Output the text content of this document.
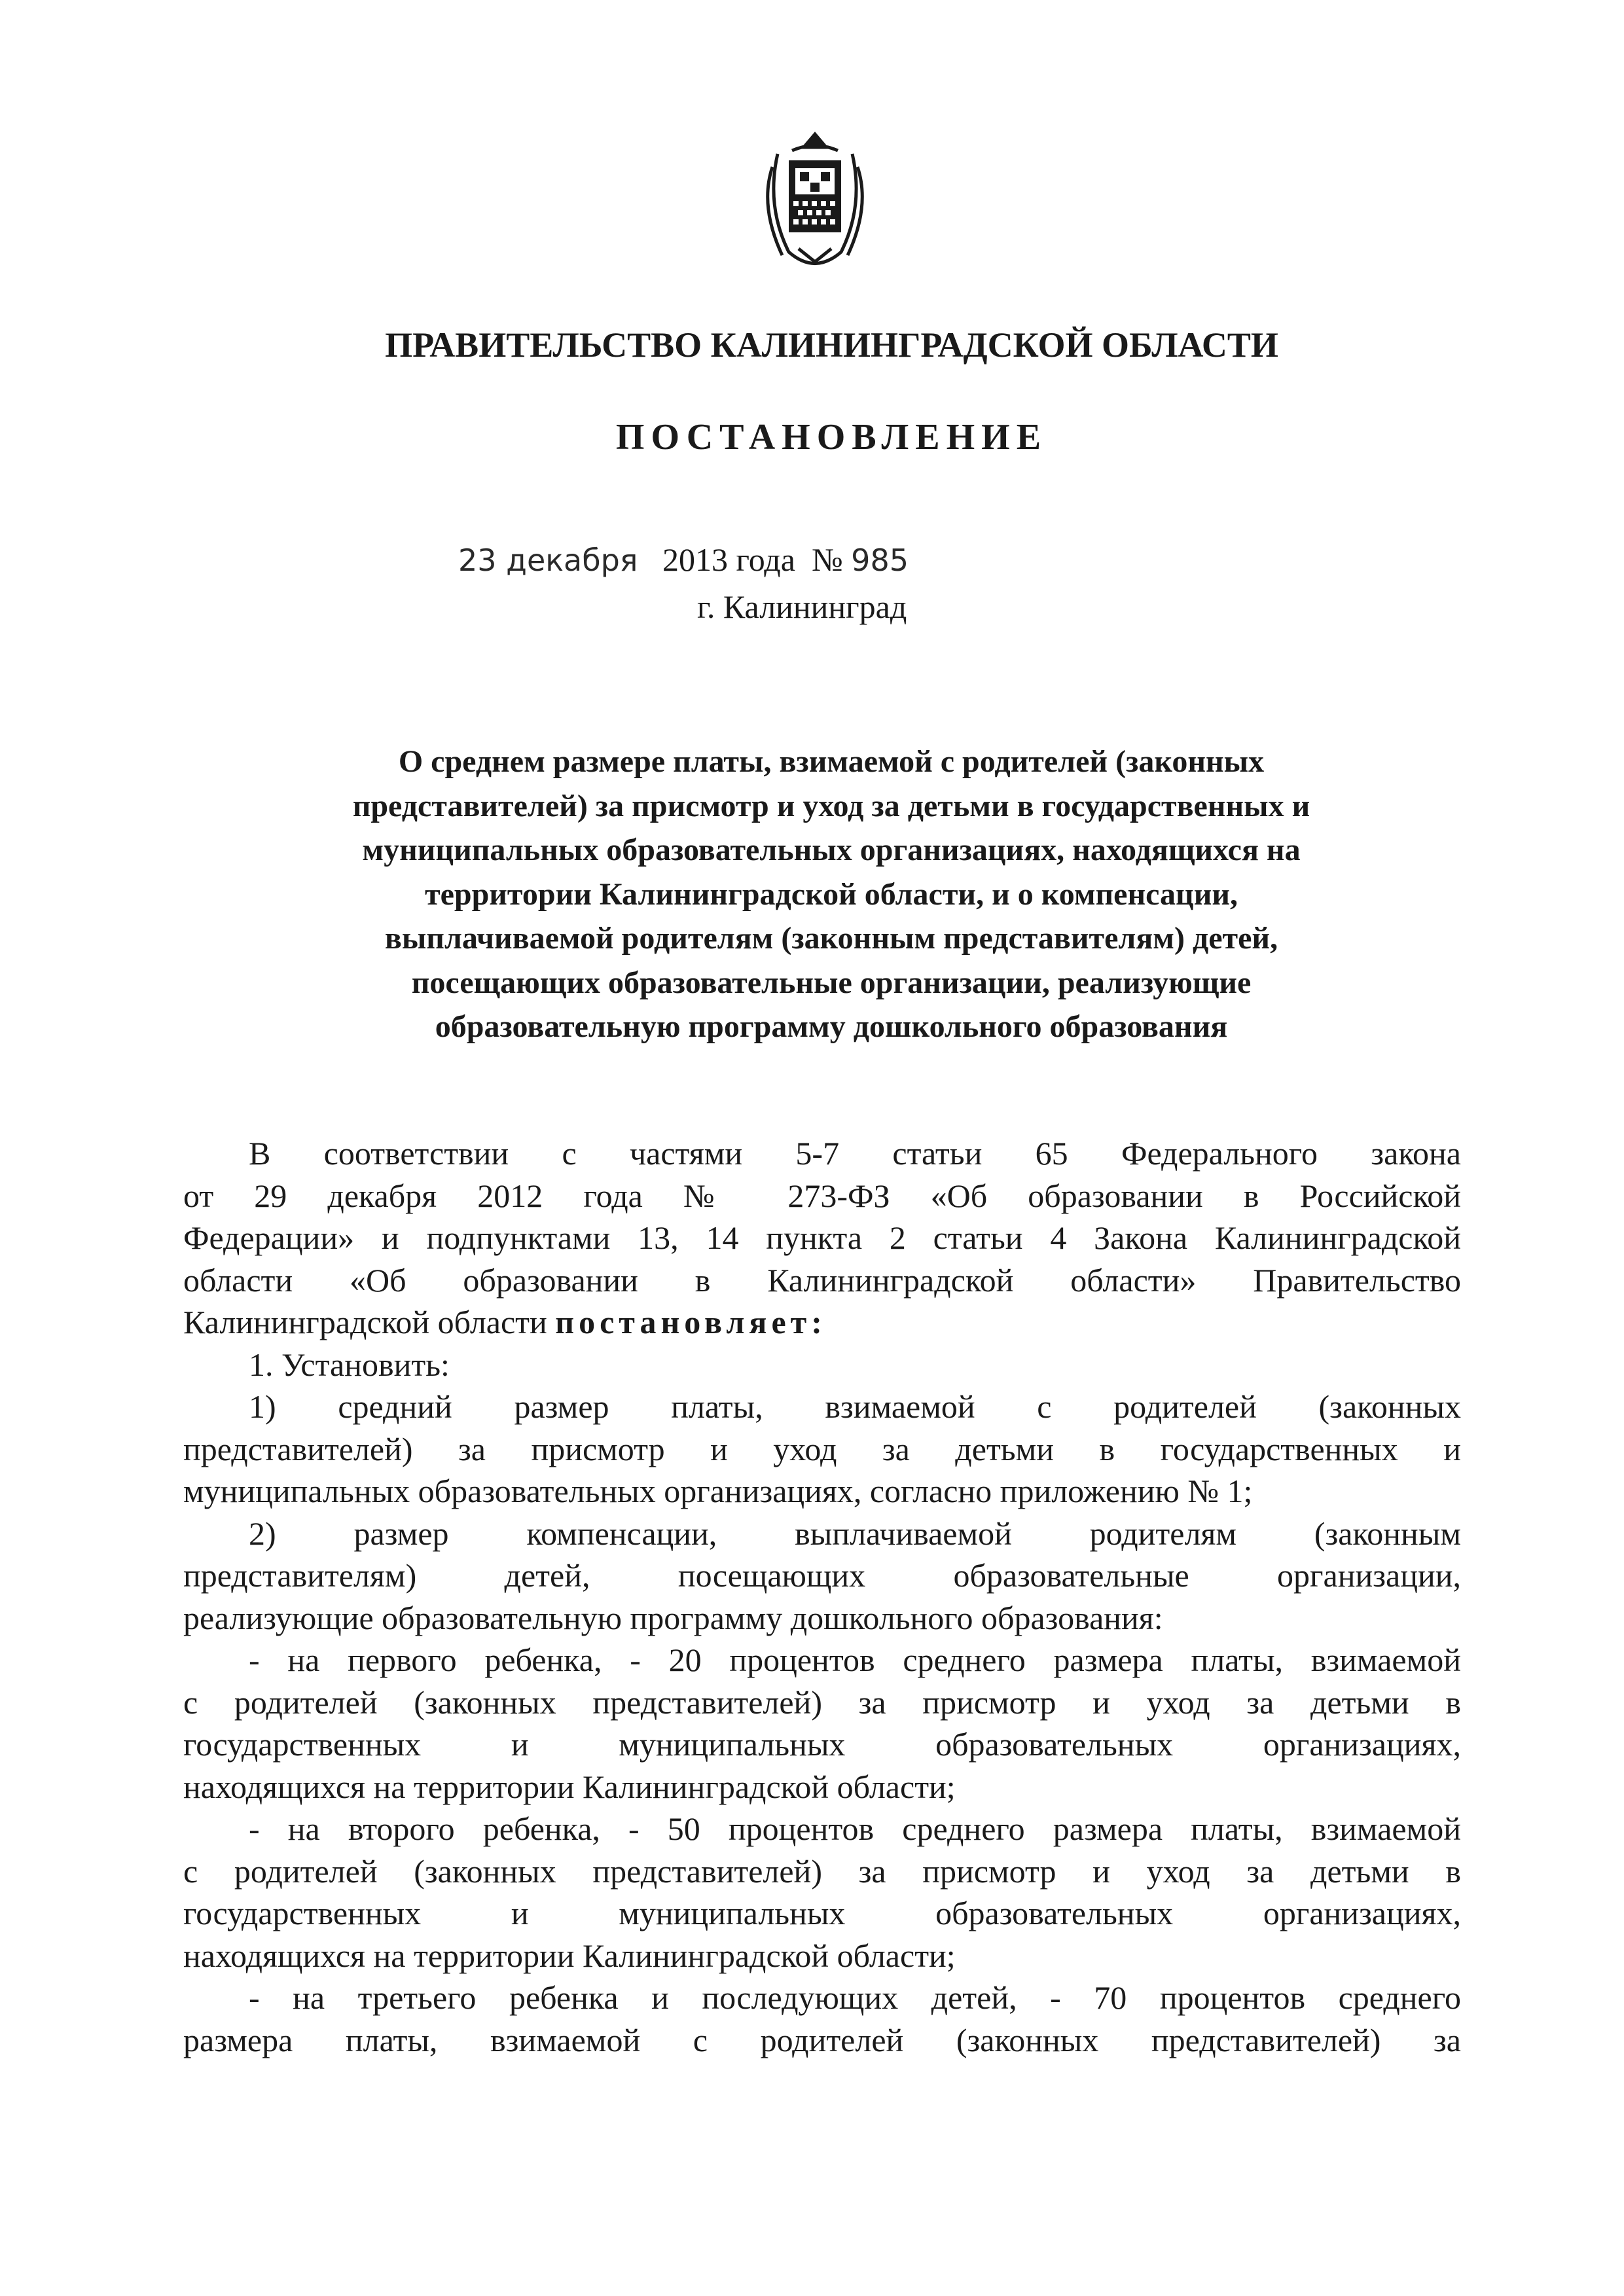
ПРАВИТЕЛЬСТВО КАЛИНИНГРАДСКОЙ ОБЛАСТИ
ПОСТАНОВЛЕНИЕ
23 декабря 2013 года № 985
г. Калининград
О среднем размере платы, взимаемой с родителей (законных
представителей) за присмотр и уход за детьми в государственных и
муниципальных образовательных организациях, находящихся на
территории Калининградской области, и о компенсации,
выплачиваемой родителям (законным представителям) детей,
посещающих образовательные организации, реализующие
образовательную программу дошкольного образования
В соответствии с частями 5-7 статьи 65 Федерального закона
от 29 декабря 2012 года № 273-ФЗ «Об образовании в Российской
Федерации» и подпунктами 13, 14 пункта 2 статьи 4 Закона Калининградской
области «Об образовании в Калининградской области» Правительство
Калининградской области постановляет:
1. Установить:
1) средний размер платы, взимаемой с родителей (законных
представителей) за присмотр и уход за детьми в государственных и
муниципальных образовательных организациях, согласно приложению № 1;
2) размер компенсации, выплачиваемой родителям (законным
представителям) детей, посещающих образовательные организации,
реализующие образовательную программу дошкольного образования:
- на первого ребенка, - 20 процентов среднего размера платы, взимаемой
с родителей (законных представителей) за присмотр и уход за детьми в
государственных и муниципальных образовательных организациях,
находящихся на территории Калининградской области;
- на второго ребенка, - 50 процентов среднего размера платы, взимаемой
с родителей (законных представителей) за присмотр и уход за детьми в
государственных и муниципальных образовательных организациях,
находящихся на территории Калининградской области;
- на третьего ребенка и последующих детей, - 70 процентов среднего
размера платы, взимаемой с родителей (законных представителей) за
